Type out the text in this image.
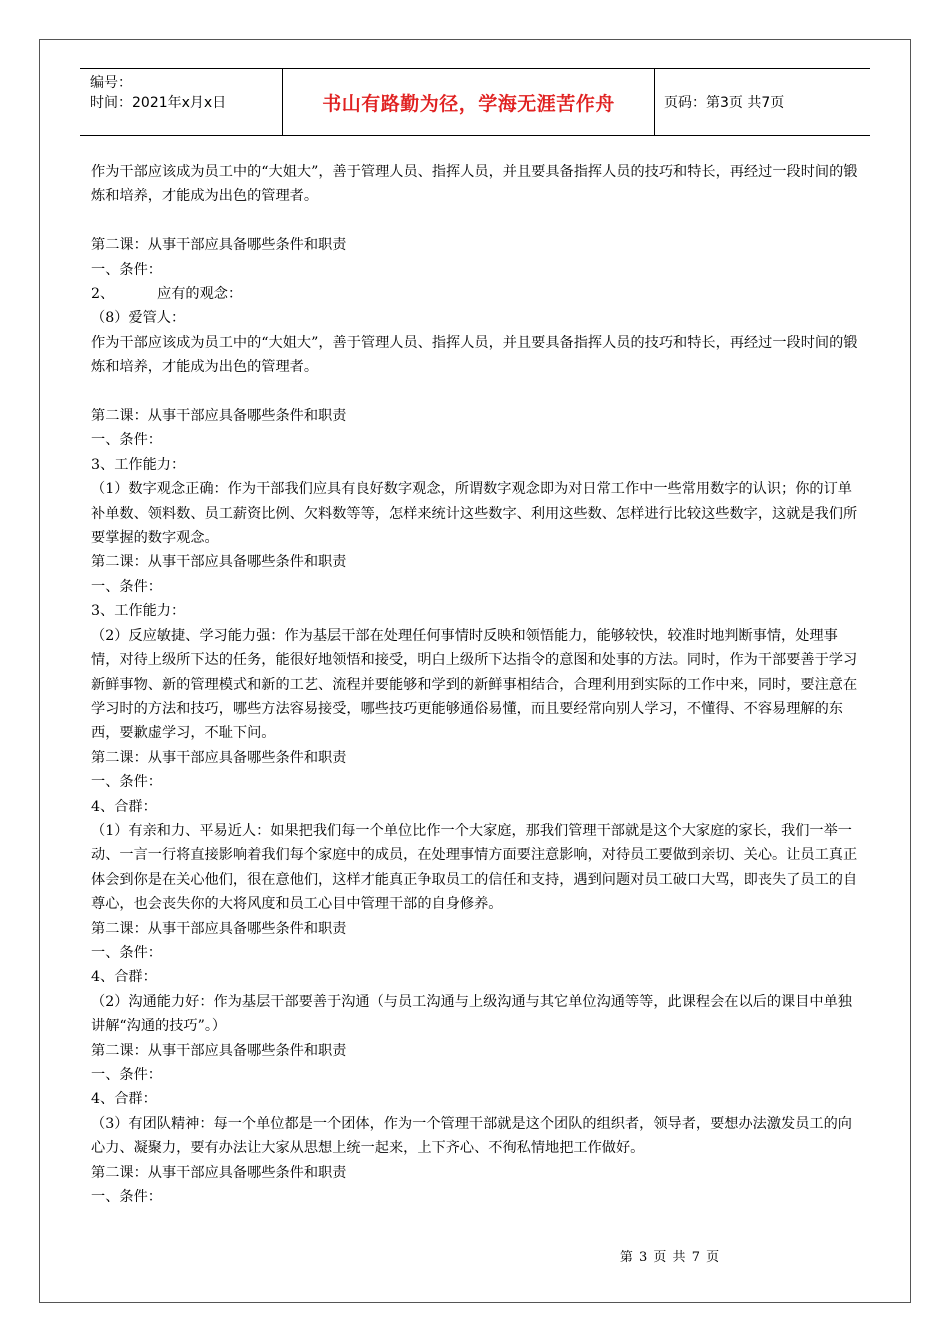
编号：
时间：2021年x月x日	书山有路勤为径，学海无涯苦作舟	页码：第3页 共7页

作为干部应该成为员工中的“大姐大”，善于管理人员、指挥人员，并且要具备指挥人员的技巧和特长，再经过一段时间的锻炼和培养，才能成为出色的管理者。

第二课：从事干部应具备哪些条件和职责

一、条件：

2、	应有的观念：

（8）爱管人：

作为干部应该成为员工中的“大姐大”，善于管理人员、指挥人员，并且要具备指挥人员的技巧和特长，再经过一段时间的锻炼和培养，才能成为出色的管理者。

第二课：从事干部应具备哪些条件和职责

一、条件：

3、工作能力：

（1）数字观念正确：作为干部我们应具有良好数字观念，所谓数字观念即为对日常工作中一些常用数字的认识；你的订单补单数、领料数、员工薪资比例、欠料数等等，怎样来统计这些数字、利用这些数、怎样进行比较这些数字，这就是我们所要掌握的数字观念。

第二课：从事干部应具备哪些条件和职责

一、条件：

3、工作能力：

（2）反应敏捷、学习能力强：作为基层干部在处理任何事情时反映和领悟能力，能够较快，较准时地判断事情，处理事情，对待上级所下达的任务，能很好地领悟和接受，明白上级所下达指令的意图和处事的方法。同时，作为干部要善于学习新鲜事物、新的管理模式和新的工艺、流程并要能够和学到的新鲜事相结合，合理利用到实际的工作中来，同时，要注意在学习时的方法和技巧，哪些方法容易接受，哪些技巧更能够通俗易懂，而且要经常向别人学习，不懂得、不容易理解的东西，要歉虚学习，不耻下问。

第二课：从事干部应具备哪些条件和职责

一、条件：

4、合群：

（1）有亲和力、平易近人：如果把我们每一个单位比作一个大家庭，那我们管理干部就是这个大家庭的家长，我们一举一动、一言一行将直接影响着我们每个家庭中的成员，在处理事情方面要注意影响，对待员工要做到亲切、关心。让员工真正体会到你是在关心他们，很在意他们，这样才能真正争取员工的信任和支持，遇到问题对员工破口大骂，即丧失了员工的自尊心，也会丧失你的大将风度和员工心目中管理干部的自身修养。

第二课：从事干部应具备哪些条件和职责

一、条件：

4、合群：

（2）沟通能力好：作为基层干部要善于沟通（与员工沟通与上级沟通与其它单位沟通等等，此课程会在以后的课目中单独讲解“沟通的技巧”。）

第二课：从事干部应具备哪些条件和职责

一、条件：

4、合群：

（3）有团队精神：每一个单位都是一个团体，作为一个管理干部就是这个团队的组织者，领导者，要想办法激发员工的向心力、凝聚力，要有办法让大家从思想上统一起来，上下齐心、不徇私情地把工作做好。

第二课：从事干部应具备哪些条件和职责

一、条件：

第 3 页 共 7 页
